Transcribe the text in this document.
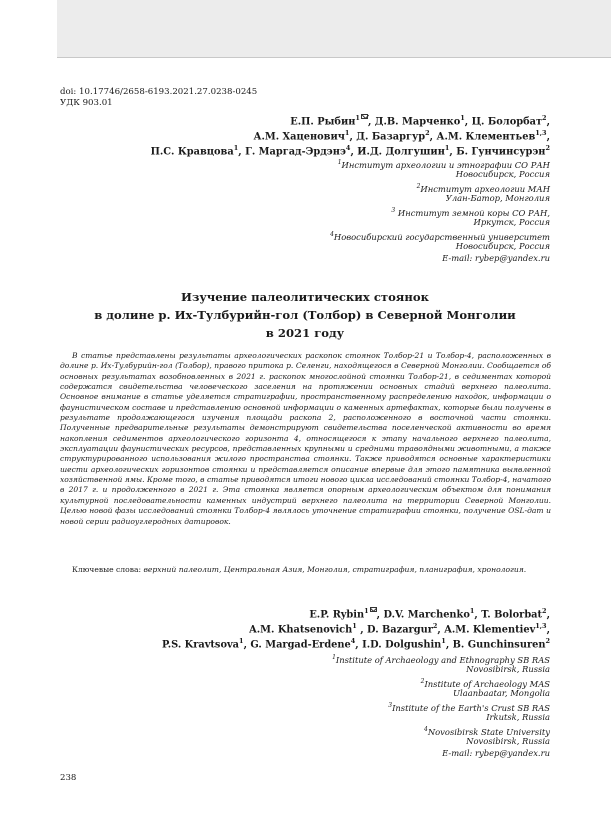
doi: 10.17746/2658-6193.2021.27.0238-0245
УДК 903.01
Е.П. Рыбин$^1$ , Д.В. Марченко$^1$, Ц. Болорбат$^2$,
А.М. Хаценович$^1$, Д. Базаргур$^2$, А.М. Клементьев$^{1,3}$,
П.С. Кравцова$^1$, Г. Маргад-Эрдэнэ$^4$, И.Д. Долгушин$^1$, Б. Гунчинсурэн$^2$
$^1$Институт археологии и этнографии СО РАН
Новосибирск, Россия
$^2$Институт археологии МАН
Улан-Батор, Монголия
$^3$ Институт земной коры СО РАН,
Иркутск, Россия
$^4$Новосибирский государственный университет
Новосибирск, Россия
E-mail: rybep@yandex.ru
Изучение палеолитических стоянок
в долине р. Их-Тулбурийн-гол (Толбор) в Северной Монголии
в 2021 году

В статье представлены результаты археологических раскопок стоянок Толбор-21 и Толбор-4, расположенных в долине р. Их-Тулбурийн-гол (Толбор), правого притока р. Селенги, находящегося в Северной Монголии. Сообщается об основных результатах возобновленных в 2021 г. раскопок многослойной стоянки Толбор-21, в седиментах которой содержатся свидетельства человеческого заселения на протяжении основных стадий верхнего палеолита. Основное внимание в статье уделяется стратиграфии, пространственному распределению находок, информации о фаунистическом составе и представлению основной информации о каменных артефактах, которые были получены в результате продолжающегося изучения площади раскопа 2, расположенного в восточной части стоянки. Полученные предварительные результаты демонстрируют свидетельства поселенческой активности во время накопления седиментов археологического горизонта 4, относящегося к этапу начального верхнего палеолита, эксплуатации фаунистических ресурсов, представленных крупными и средними травоядными животными, а также структурированного использования жилого пространства стоянки. Также приводятся основные характеристики шести археологических горизонтов стоянки и представляется описание впервые для этого памятника выявленной хозяйственной ямы. Кроме того, в статье приводятся итоги нового цикла исследований стоянки Толбор-4, начатого в 2017 г. и продолженного в 2021 г. Эта стоянка является опорным археологическим объектом для понимания культурной последовательности каменных индустрий верхнего палеолита на территории Северной Монголии. Целью новой фазы исследований стоянки Толбор-4 являлось уточнение стратиграфии стоянки, получение OSL-дат и новой серии радиоуглеродных датировок.

Ключевые слова: верхний палеолит, Центральная Азия, Монголия, стратиграфия, планиграфия, хронология.
E.P. Rybin$^1$ , D.V. Marchenko$^1$, T. Bolorbat$^2$,
A.M. Khatsenovich$^1$ , D. Bazargur$^2$, A.M. Klementiev$^{1,3}$,
P.S. Kravtsova$^1$, G. Margad-Erdene$^4$, I.D. Dolgushin$^1$, B. Gunchinsuren$^2$
$^1$Institute of Archaeology and Ethnography SB RAS
Novosibirsk, Russia
$^2$Institute of Archaeology MAS
Ulaanbaatar, Mongolia
$^3$Institute of the Earth's Crust SB RAS
Irkutsk, Russia
$^4$Novosibirsk State University
Novosibirsk, Russia
E-mail: rybep@yandex.ru
238
